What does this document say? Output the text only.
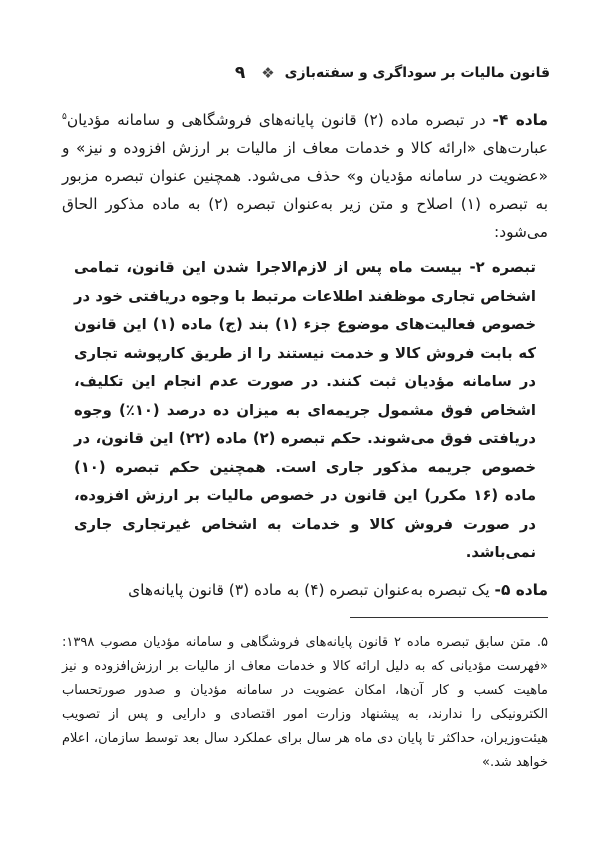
قانون مالیات بر سوداگری و سفته‌بازی
❖
۹

ماده ۴- در تبصره ماده (۲) قانون پایانه‌های فروشگاهی و سامانه مؤدیان$^۵$ عبارت‌های «ارائه کالا و خدمات معاف از مالیات بر ارزش افزوده و نیز» و «عضویت در سامانه مؤدیان و» حذف می‌شود. همچنین عنوان تبصره مزبور به تبصره (۱) اصلاح و متن زیر به‌عنوان تبصره (۲) به ماده مذکور الحاق می‌شود:

تبصره ۲- بیست ماه پس از لازم‌الاجرا شدن این قانون، تمامی اشخاص تجاری موظفند اطلاعات مرتبط با وجوه دریافتی خود در خصوص فعالیت‌های موضوع جزء (۱) بند (ج) ماده (۱) این قانون که بابت فروش کالا و خدمت نیستند را از طریق کارپوشه تجاری در سامانه مؤدیان ثبت کنند. در صورت عدم انجام این تکلیف، اشخاص فوق مشمول جریمه‌ای به میزان ده درصد (۱۰٪) وجوه دریافتی فوق می‌شوند. حکم تبصره (۲) ماده (۲۲) این قانون، در خصوص جریمه مذکور جاری است. همچنین حکم تبصره (۱۰) ماده (۱۶ مکرر) این قانون در خصوص مالیات بر ارزش افزوده، در صورت فروش کالا و خدمات به اشخاص غیرتجاری جاری نمی‌باشد.

ماده ۵- یک تبصره به‌عنوان تبصره (۴) به ماده (۳) قانون پایانه‌های

۵. متن سابق تبصره ماده ۲ قانون پایانه‌های فروشگاهی و سامانه مؤدیان مصوب ۱۳۹۸: «فهرست مؤدیانی که به دلیل ارائه کالا و خدمات معاف از مالیات بر ارزش‌افزوده و نیز ماهیت کسب و کار آن‌ها، امکان عضویت در سامانه مؤدیان و صدور صورتحساب الکترونیکی را ندارند، به پیشنهاد وزارت امور اقتصادی و دارایی و پس از تصویب هیئت‌وزیران، حداکثر تا پایان دی ماه هر سال برای عملکرد سال بعد توسط سازمان، اعلام خواهد شد.»
